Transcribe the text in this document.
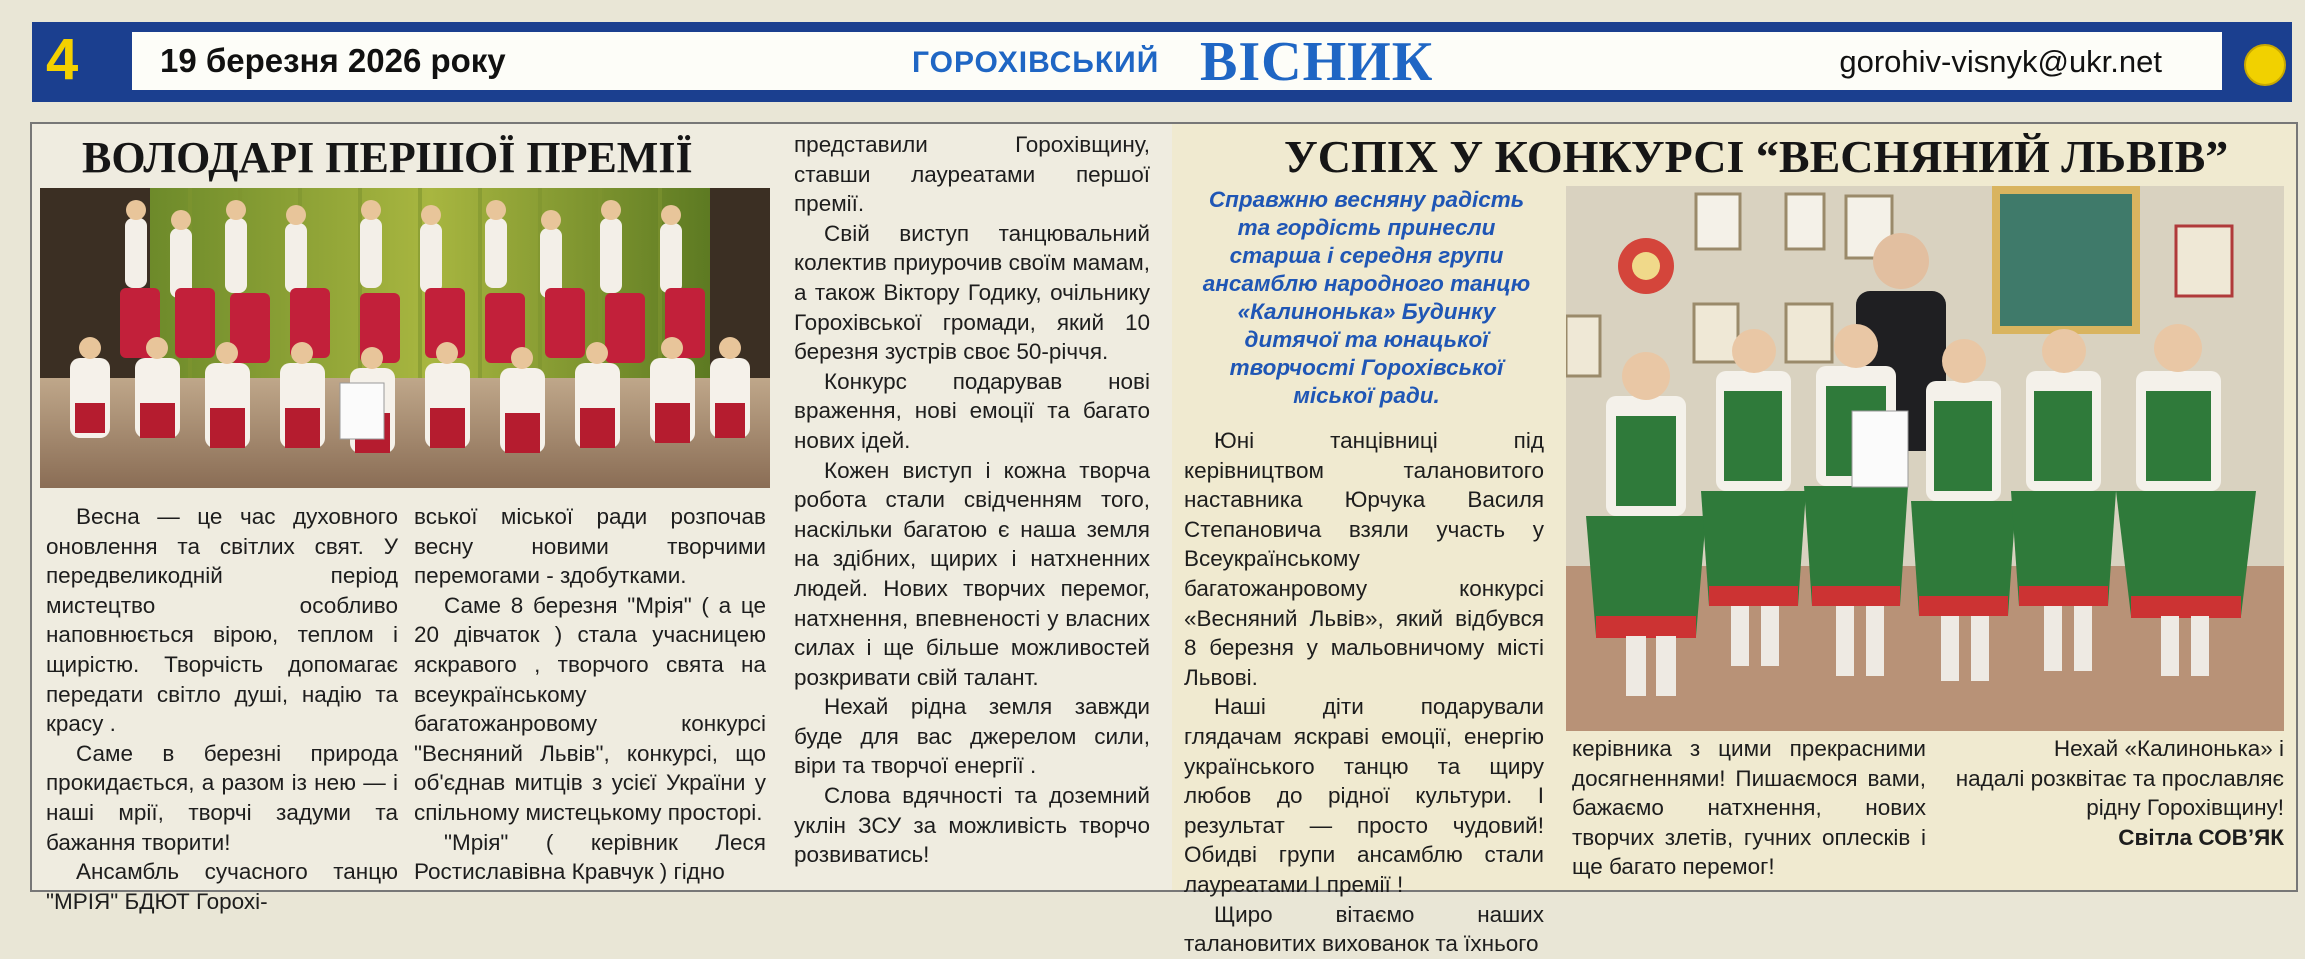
4 19 березня 2026 року	ГОРОХІВСЬКИЙ ВІСНИК	gorohiv-visnyk@ukr.net
ВОЛОДАРІ ПЕРШОЇ ПРЕМІЇ

Весна — це час духовного оновлення та світлих свят. У передвеликодній період мистецтво особливо наповнюється вірою, теплом і щирістю. Творчість допомагає передати світло душі, надію та красу .

Саме в березні природа прокидається, а разом із нею — і наші мрії, творчі задуми та бажання творити!

Ансамбль сучасного танцю "МРІЯ" БДЮТ Горохі-

вської міської ради розпочав весну новими творчими перемогами - здобутками.

Саме 8 березня "Мрія" ( а це 20 дівчаток ) стала учасницею яскравого , творчого свята на всеукраїнському багатожанровому конкурсі "Весняний Львів", конкурсі, що об'єднав митців з усієї України у спільному мистецькому просторі.

"Мрія" ( керівник Леся Ростиславівна Кравчук ) гідно

представили Горохівщину, ставши лауреатами першої премії.

Свій виступ танцювальний колектив приурочив своїм мамам, а також Віктору Годику, очільнику Горохівської громади, який 10 березня зустрів своє 50-річчя.

Конкурс подарував нові враження, нові емоції та багато нових ідей.

Кожен виступ і кожна творча робота стали свідченням того, наскільки багатою є наша земля на здібних, щирих і натхненних людей. Нових творчих перемог, натхнення, впевненості у власних силах і ще більше можливостей розкривати свій талант.

Нехай рідна земля завжди буде для вас джерелом сили, віри та творчої енергії .

Слова вдячності та доземний уклін ЗСУ за можливість творчо розвиватись!

УСПІХ У КОНКУРСІ “ВЕСНЯНИЙ ЛЬВІВ”
Справжню весняну радість та гордість принесли старша і середня групи ансамблю народного танцю «Калинонька» Будинку дитячої та юнацької творчості Горохівської міської ради.

Юні танцівниці під керівництвом талановитого наставника Юрчука Василя Степановича взяли участь у Всеукраїнському багатожанровому конкурсі «Весняний Львів», який відбувся 8 березня у мальовничому місті Львові.

Наші діти подарували глядачам яскраві емоції, енергію українського танцю та щиру любов до рідної культури. І результат — просто чудовий! Обидві групи ансамблю стали лауреатами І премії !

Щиро вітаємо наших талановитих вихованок та їхнього

керівника з цими прекрасними досягненнями! Пишаємося вами, бажаємо натхнення, нових творчих злетів, гучних оплесків і ще багато перемог!

Нехай «Калинонька» і надалі розквітає та прославляє рідну Горохівщину!

Світла СОВ’ЯК
